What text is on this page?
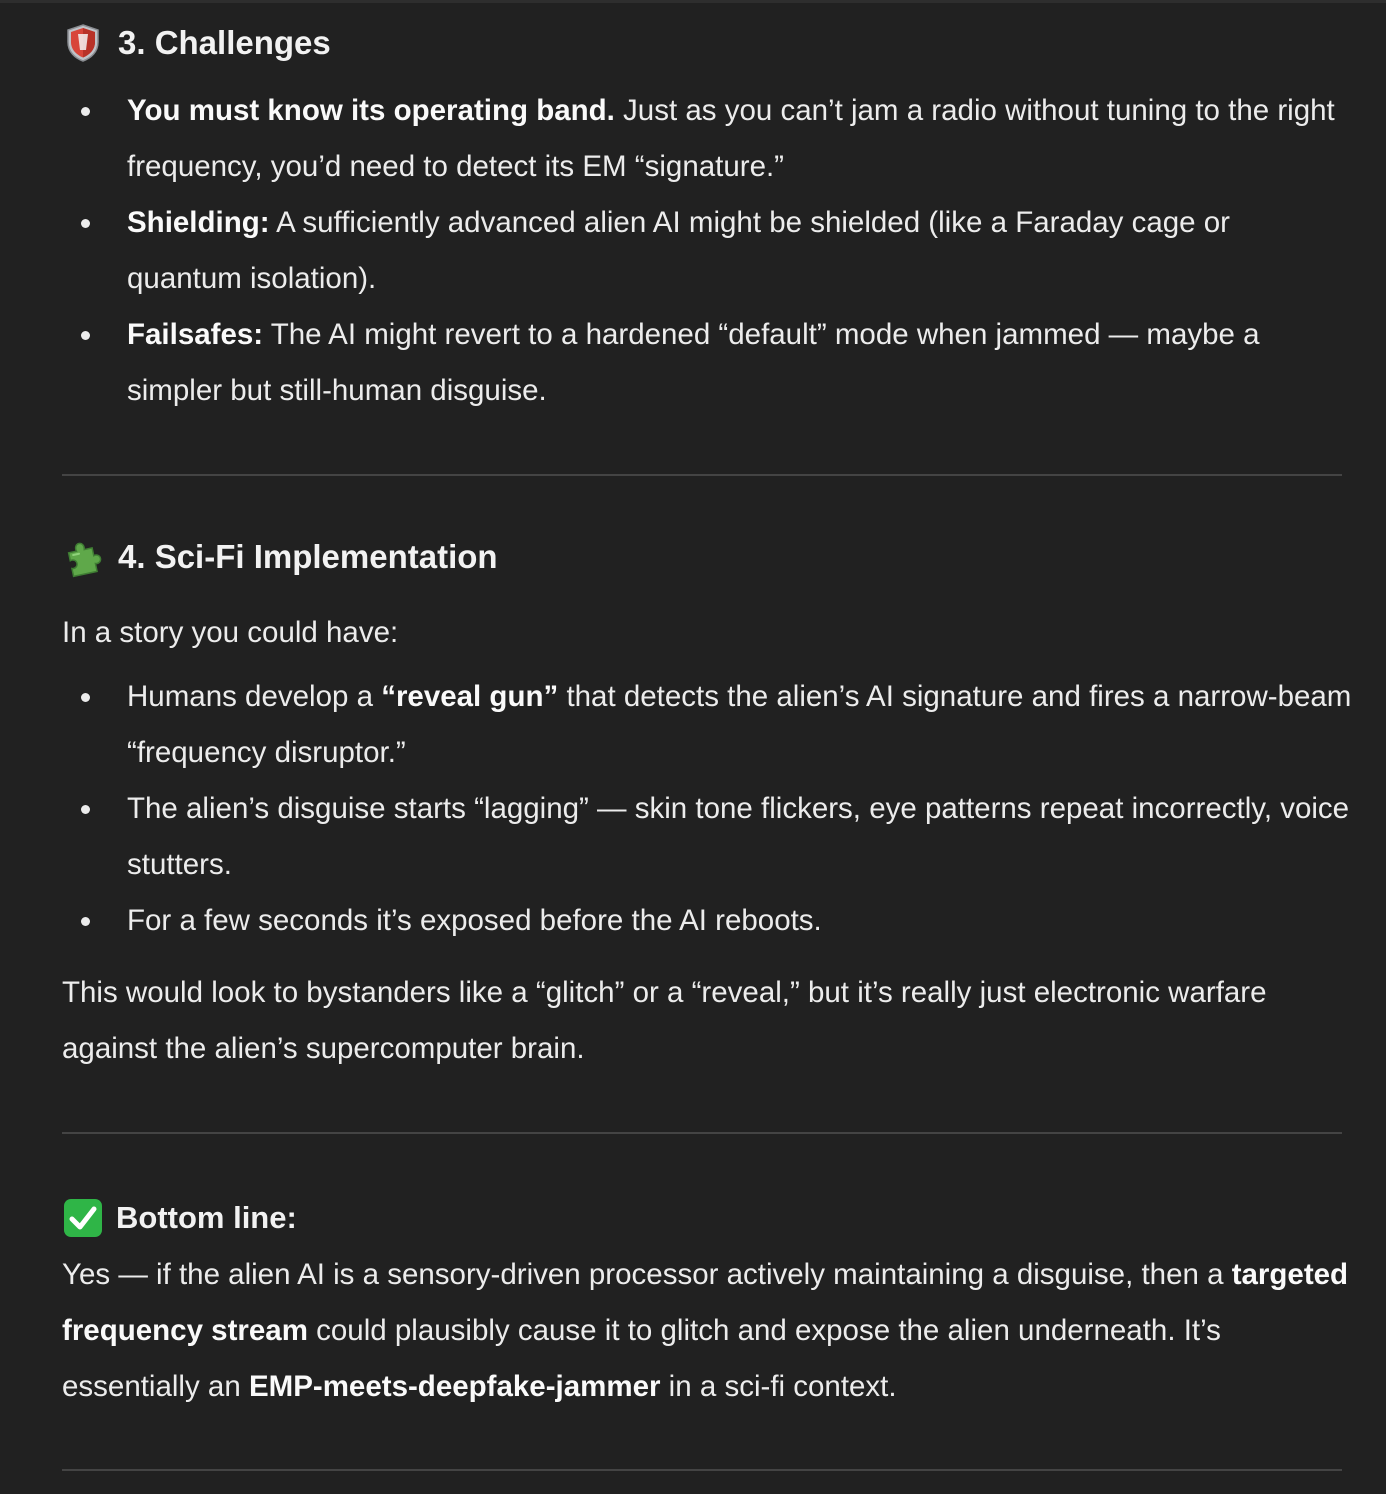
3. Challenges
You must know its operating band. Just as you can’t jam a radio without tuning to the right frequency, you’d need to detect its EM “signature.”
Shielding: A sufficiently advanced alien AI might be shielded (like a Faraday cage or quantum isolation).
Failsafes: The AI might revert to a hardened “default” mode when jammed — maybe a simpler but still-human disguise.
4. Sci-Fi Implementation

In a story you could have:

Humans develop a “reveal gun” that detects the alien’s AI signature and fires a narrow-beam “frequency disruptor.”
The alien’s disguise starts “lagging” — skin tone flickers, eye patterns repeat incorrectly, voice stutters.
For a few seconds it’s exposed before the AI reboots.

This would look to bystanders like a “glitch” or a “reveal,” but it’s really just electronic warfare against the alien’s supercomputer brain.

Bottom line:

Yes — if the alien AI is a sensory-driven processor actively maintaining a disguise, then a targeted frequency stream could plausibly cause it to glitch and expose the alien underneath. It’s essentially an EMP-meets-deepfake-jammer in a sci-fi context.
